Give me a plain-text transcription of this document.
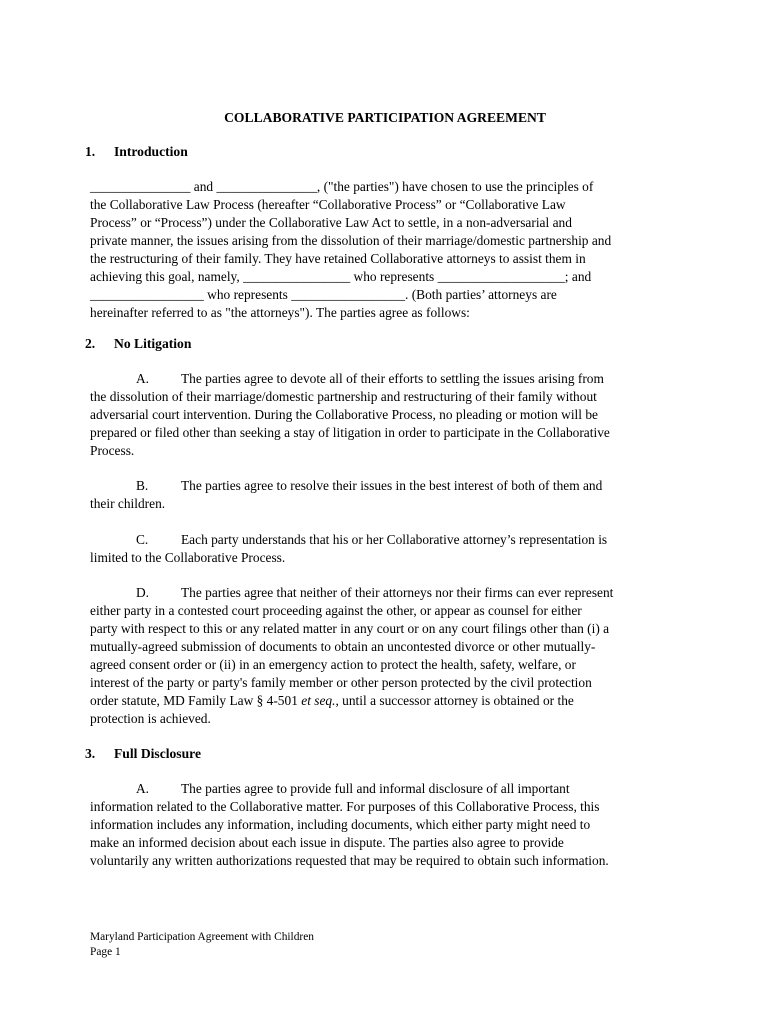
COLLABORATIVE PARTICIPATION AGREEMENT
1. Introduction
_______________ and _______________, ("the parties") have chosen to use the principles of
the Collaborative Law Process (hereafter “Collaborative Process” or “Collaborative Law
Process” or “Process”) under the Collaborative Law Act to settle, in a non-adversarial and
private manner, the issues arising from the dissolution of their marriage/domestic partnership and
the restructuring of their family. They have retained Collaborative attorneys to assist them in
achieving this goal, namely, ________________ who represents ___________________; and
_________________ who represents _________________. (Both parties’ attorneys are
hereinafter referred to as "the attorneys"). The parties agree as follows:
2. No Litigation
A. The parties agree to devote all of their efforts to settling the issues arising from
the dissolution of their marriage/domestic partnership and restructuring of their family without
adversarial court intervention. During the Collaborative Process, no pleading or motion will be
prepared or filed other than seeking a stay of litigation in order to participate in the Collaborative
Process.
B. The parties agree to resolve their issues in the best interest of both of them and
their children.
C. Each party understands that his or her Collaborative attorney’s representation is
limited to the Collaborative Process.
D. The parties agree that neither of their attorneys nor their firms can ever represent
either party in a contested court proceeding against the other, or appear as counsel for either
party with respect to this or any related matter in any court or on any court filings other than (i) a
mutually-agreed submission of documents to obtain an uncontested divorce or other mutually-
agreed consent order or (ii) in an emergency action to protect the health, safety, welfare, or
interest of the party or party's family member or other person protected by the civil protection
order statute, MD Family Law § 4-501 et seq., until a successor attorney is obtained or the
protection is achieved.
3. Full Disclosure
A. The parties agree to provide full and informal disclosure of all important
information related to the Collaborative matter. For purposes of this Collaborative Process, this
information includes any information, including documents, which either party might need to
make an informed decision about each issue in dispute. The parties also agree to provide
voluntarily any written authorizations requested that may be required to obtain such information.
Maryland Participation Agreement with Children
Page 1
